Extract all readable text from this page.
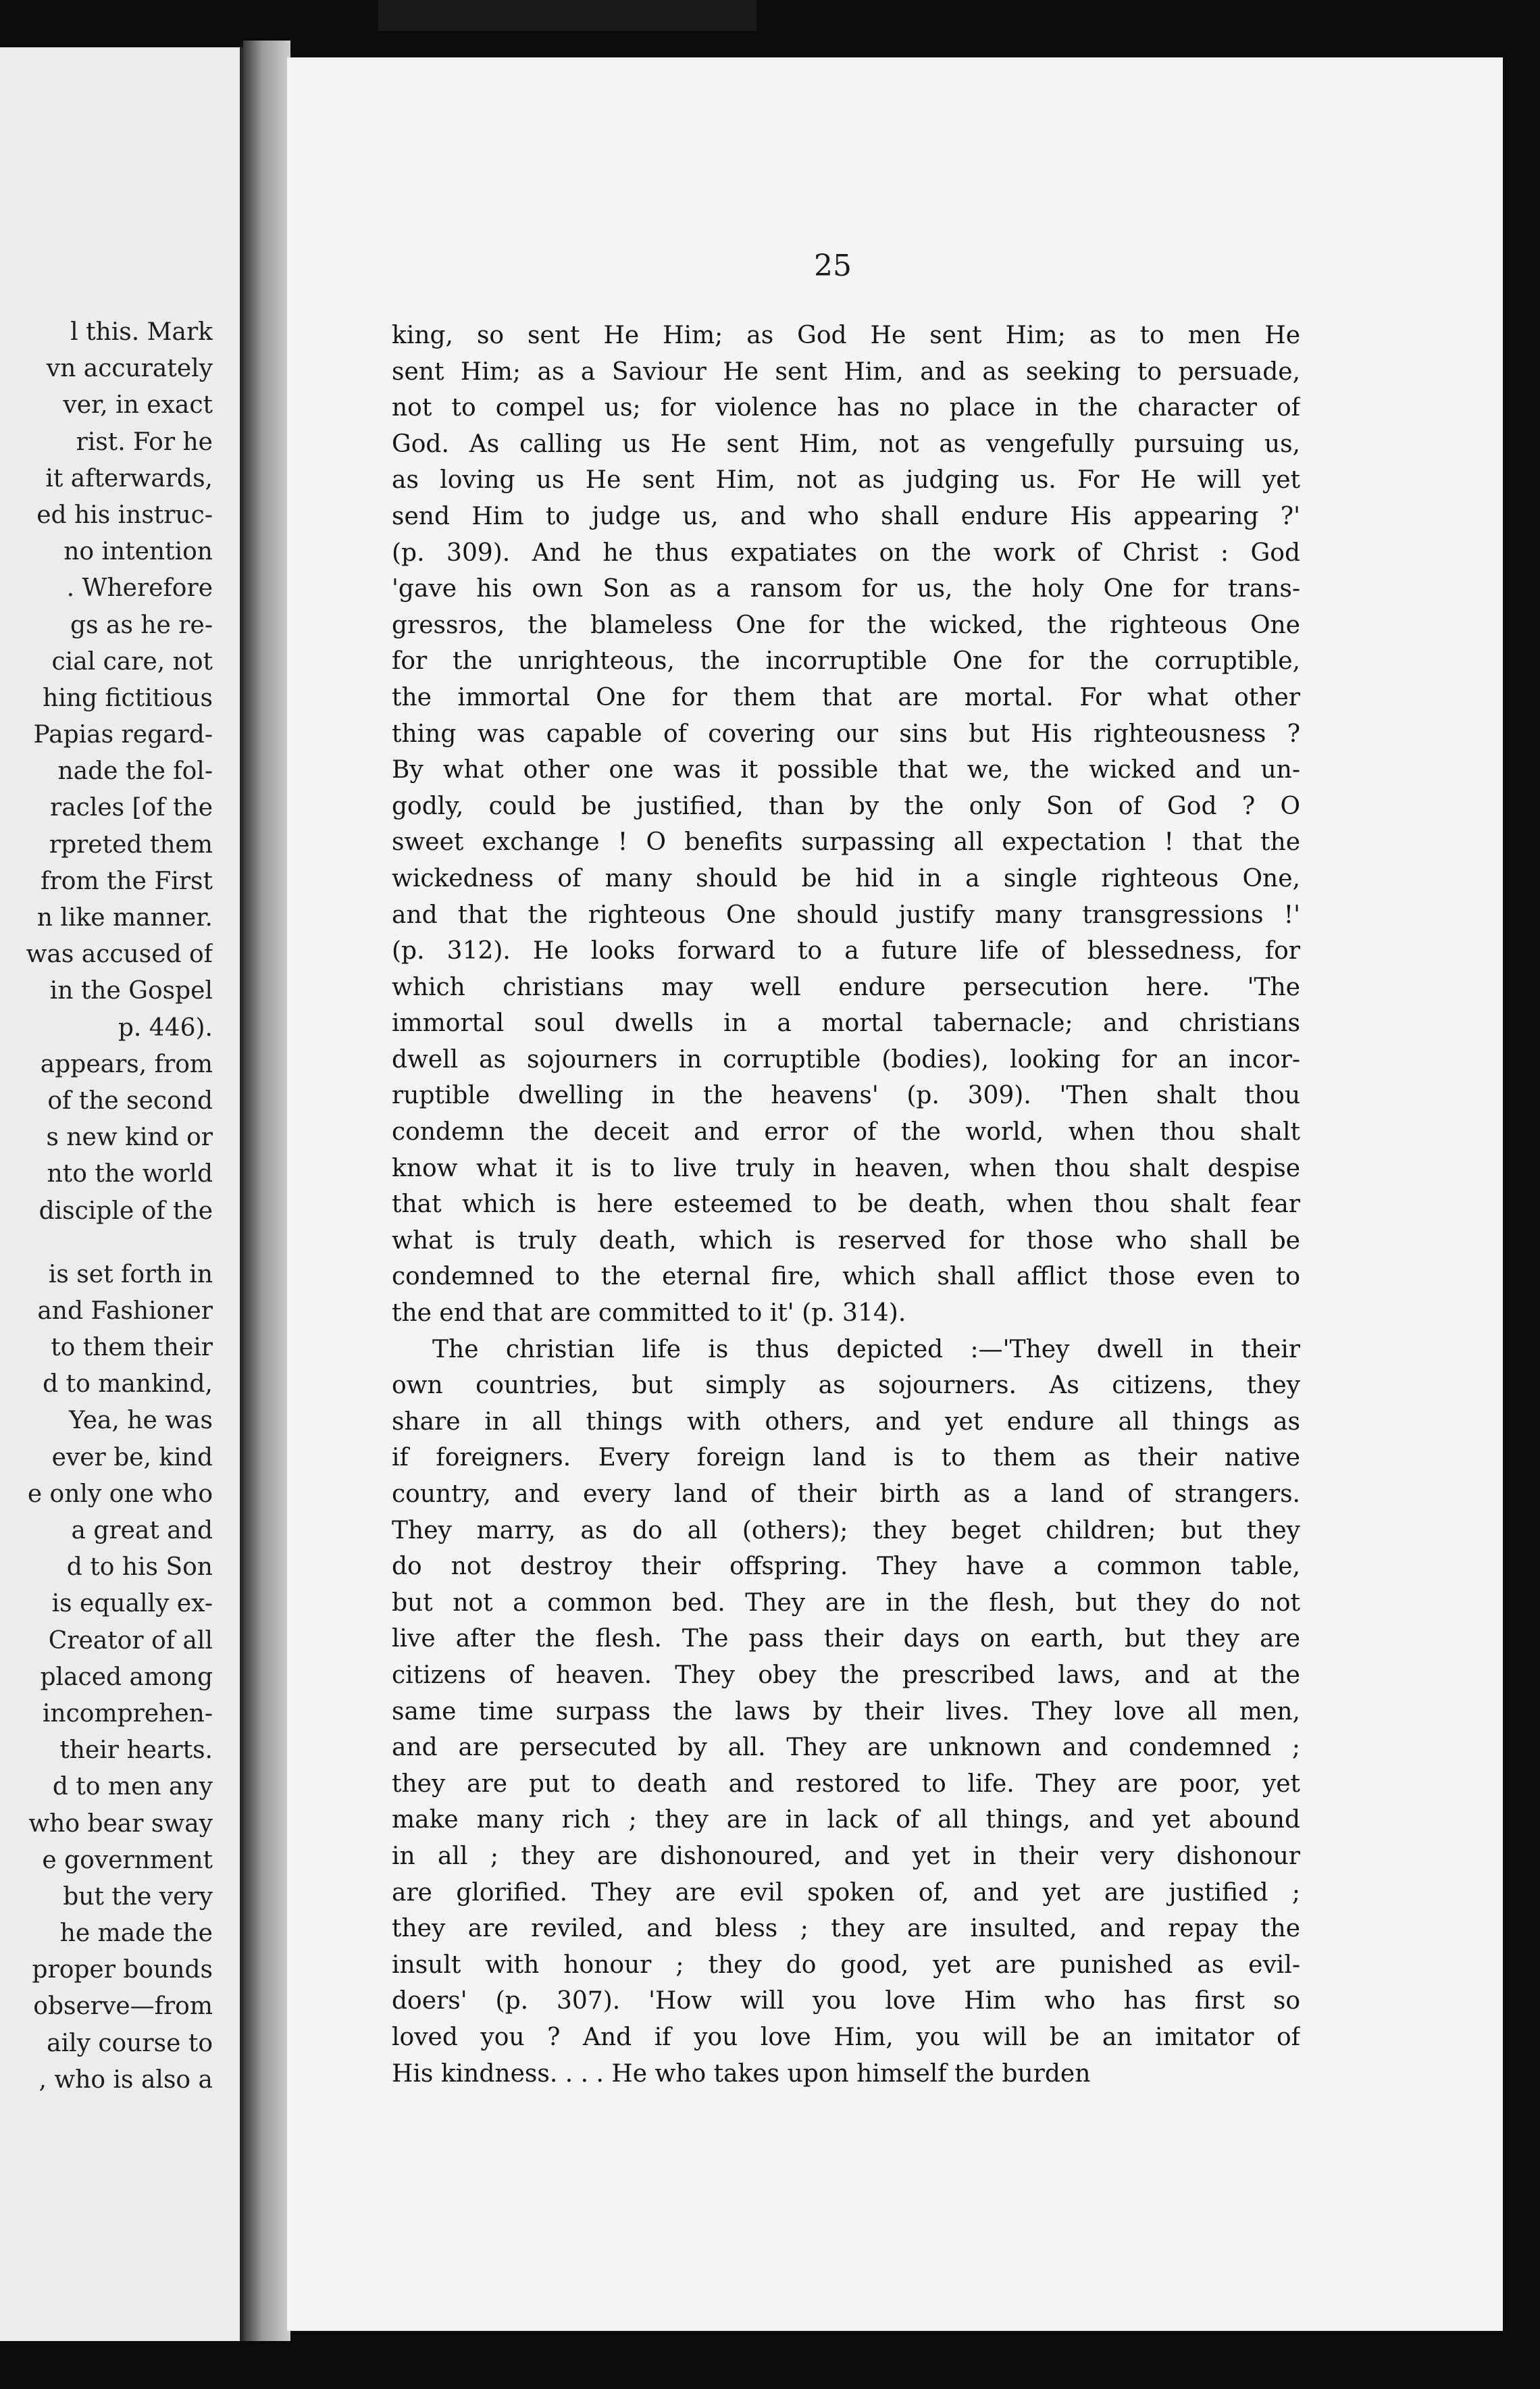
l this. Mark
vn accurately
ver, in exact
rist. For he
it afterwards,
ed his instruc-
no intention
. Wherefore
gs as he re-
cial care, not
hing fictitious
Papias regard-
nade the fol-
racles [of the
rpreted them
from the First
n like manner.
was accused of
in the Gospel
p. 446).
appears, from
of the second
s new kind or
nto the world
disciple of the
is set forth in
and Fashioner
to them their
d to mankind,
Yea, he was
ever be, kind
e only one who
a great and
d to his Son
is equally ex-
Creator of all
placed among
incomprehen-
their hearts.
d to men any
who bear sway
e government
but the very
he made the
proper bounds
observe—from
aily course to
, who is also a
25
king, so sent He Him; as God He sent Him; as to men He
sent Him; as a Saviour He sent Him, and as seeking to persuade,
not to compel us; for violence has no place in the character of
God. As calling us He sent Him, not as vengefully pursuing us,
as loving us He sent Him, not as judging us. For He will yet
send Him to judge us, and who shall endure His appearing ?'
(p. 309). And he thus expatiates on the work of Christ : God
'gave his own Son as a ransom for us, the holy One for trans-
gressros, the blameless One for the wicked, the righteous One
for the unrighteous, the incorruptible One for the corruptible,
the immortal One for them that are mortal. For what other
thing was capable of covering our sins but His righteousness ?
By what other one was it possible that we, the wicked and un-
godly, could be justified, than by the only Son of God ? O
sweet exchange ! O benefits surpassing all expectation ! that the
wickedness of many should be hid in a single righteous One,
and that the righteous One should justify many transgressions !'
(p. 312). He looks forward to a future life of blessedness, for
which christians may well endure persecution here. 'The
immortal soul dwells in a mortal tabernacle; and christians
dwell as sojourners in corruptible (bodies), looking for an incor-
ruptible dwelling in the heavens' (p. 309). 'Then shalt thou
condemn the deceit and error of the world, when thou shalt
know what it is to live truly in heaven, when thou shalt despise
that which is here esteemed to be death, when thou shalt fear
what is truly death, which is reserved for those who shall be
condemned to the eternal fire, which shall afflict those even to
the end that are committed to it' (p. 314).
The christian life is thus depicted :—'They dwell in their
own countries, but simply as sojourners. As citizens, they
share in all things with others, and yet endure all things as
if foreigners. Every foreign land is to them as their native
country, and every land of their birth as a land of strangers.
They marry, as do all (others); they beget children; but they
do not destroy their offspring. They have a common table,
but not a common bed. They are in the flesh, but they do not
live after the flesh. The pass their days on earth, but they are
citizens of heaven. They obey the prescribed laws, and at the
same time surpass the laws by their lives. They love all men,
and are persecuted by all. They are unknown and condemned ;
they are put to death and restored to life. They are poor, yet
make many rich ; they are in lack of all things, and yet abound
in all ; they are dishonoured, and yet in their very dishonour
are glorified. They are evil spoken of, and yet are justified ;
they are reviled, and bless ; they are insulted, and repay the
insult with honour ; they do good, yet are punished as evil-
doers' (p. 307). 'How will you love Him who has first so
loved you ? And if you love Him, you will be an imitator of
His kindness. . . . He who takes upon himself the burden
